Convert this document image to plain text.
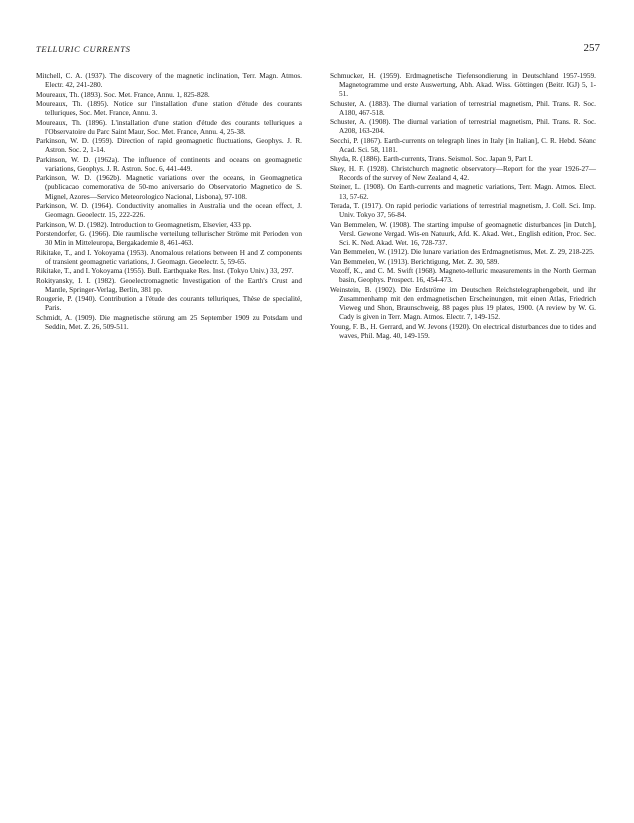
TELLURIC CURRENTS	257

Mitchell, C. A. (1937). The discovery of the magnetic inclination, Terr. Magn. Atmos. Electr. 42, 241-280.

Moureaux, Th. (1893). Soc. Met. France, Annu. 1, 825-828.

Moureaux, Th. (1895). Notice sur l'installation d'une station d'étude des courants telluriques, Soc. Met. France, Annu. 3.

Moureaux, Th. (1896). L'installation d'une station d'étude des courants telluriques a l'Observatoire du Parc Saint Maur, Soc. Met. France, Annu. 4, 25-38.

Parkinson, W. D. (1959). Direction of rapid geomagnetic fluctuations, Geophys. J. R. Astron. Soc. 2, 1-14.

Parkinson, W. D. (1962a). The influence of continents and oceans on geomagnetic variations, Geophys. J. R. Astron. Soc. 6, 441-449.

Parkinson, W. D. (1962b). Magnetic variations over the oceans, in Geomagnetica (publicacao comemorativa de 50-mo aniversario do Observatorio Magnetico de S. Mignel, Azores—Servico Meteorologico Nacional, Lisbona), 97-108.

Parkinson, W. D. (1964). Conductivity anomalies in Australia und the ocean effect, J. Geomagn. Geoelectr. 15, 222-226.

Parkinson, W. D. (1982). Introduction to Geomagnetism, Elsevier, 433 pp.

Porstendorfer, G. (1966). Die raumlische verteilung tellurischer Ströme mit Perioden von 30 Min in Mitteleuropa, Bergakademie 8, 461-463.

Rikitake, T., and I. Yokoyama (1953). Anomalous relations between H and Z components of transient geomagnetic variations, J. Geomagn. Geoelectr. 5, 59-65.

Rikitake, T., and I. Yokoyama (1955). Bull. Earthquake Res. Inst. (Tokyo Univ.) 33, 297.

Rokityansky, I. I. (1982). Geoelectromagnetic Investigation of the Earth's Crust and Mantle, Springer-Verlag, Berlin, 381 pp.

Rougerie, P. (1940). Contribution a l'étude des courants telluriques, Thèse de specialité, Paris.

Schmidt, A. (1909). Die magnetische störung am 25 September 1909 zu Potsdam und Seddin, Met. Z. 26, 509-511.

Schmucker, H. (1959). Erdmagnetische Tiefensondierung in Deutschland 1957-1959. Magnetogramme und erste Auswertung, Abh. Akad. Wiss. Göttingen (Beitr. IGJ) 5, 1-51.

Schuster, A. (1883). The diurnal variation of terrestrial magnetism, Phil. Trans. R. Soc. A180, 467-518.

Schuster, A. (1908). The diurnal variation of terrestrial magnetism, Phil. Trans. R. Soc. A208, 163-204.

Secchi, P. (1867). Earth-currents on telegraph lines in Italy [in Italian], C. R. Hebd. Séanc Acad. Sci. 58, 1181.

Shyda, R. (1886). Earth-currents, Trans. Seismol. Soc. Japan 9, Part I.

Skey, H. F. (1928). Christchurch magnetic observatory—Report for the year 1926-27—Records of the survey of New Zealand 4, 42.

Steiner, L. (1908). On Earth-currents and magnetic variations, Terr. Magn. Atmos. Elect. 13, 57-62.

Terada, T. (1917). On rapid periodic variations of terrestrial magnetism, J. Coll. Sci. Imp. Univ. Tokyo 37, 56-84.

Van Bemmelen, W. (1908). The starting impulse of geomagnetic disturbances [in Dutch], Versl. Gewone Vergad. Wis-en Natuurk, Afd. K. Akad. Wet., English edition, Proc. Sec. Sci. K. Ned. Akad. Wet. 16, 728-737.

Van Bemmelen, W. (1912). Die lunare variation des Erdmagnetismus, Met. Z. 29, 218-225.

Van Bemmelen, W. (1913). Berichtigung, Met. Z. 30, 589.

Vozoff, K., and C. M. Swift (1968). Magneto-telluric measurements in the North German basin, Geophys. Prospect. 16, 454-473.

Weinstein, B. (1902). Die Erdströme im Deutschen Reichstelegraphengebeit, und ihr Zusammenhamp mit den erdmagnetischen Erscheinungen, mit einen Atlas, Friedrich Vieweg und Shon, Braunschweig, 88 pages plus 19 plates, 1900. (A review by W. G. Cady is given in Terr. Magn. Atmos. Electr. 7, 149-152.

Young, F. B., H. Gerrard, and W. Jevons (1920). On electrical disturbances due to tides and waves, Phil. Mag. 40, 149-159.
